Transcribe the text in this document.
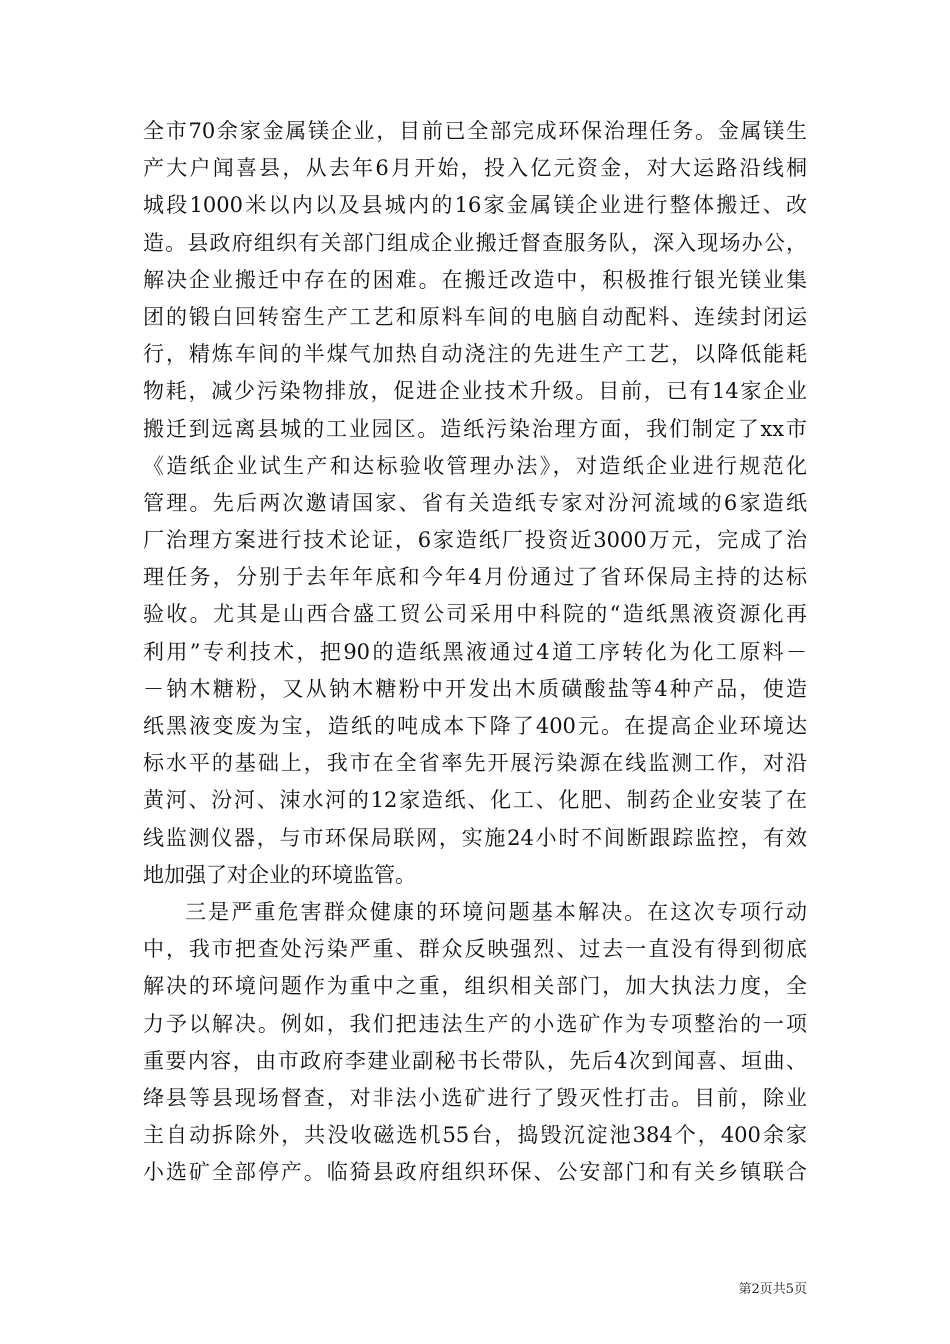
全市70余家金属镁企业，目前已全部完成环保治理任务。金属镁生
产大户闻喜县，从去年6月开始，投入亿元资金，对大运路沿线桐
城段1000米以内以及县城内的16家金属镁企业进行整体搬迁、改
造。县政府组织有关部门组成企业搬迁督查服务队，深入现场办公，
解决企业搬迁中存在的困难。在搬迁改造中，积极推行银光镁业集
团的锻白回转窑生产工艺和原料车间的电脑自动配料、连续封闭运
行，精炼车间的半煤气加热自动浇注的先进生产工艺，以降低能耗
物耗，减少污染物排放，促进企业技术升级。目前，已有14家企业
搬迁到远离县城的工业园区。造纸污染治理方面，我们制定了xx市
《造纸企业试生产和达标验收管理办法》，对造纸企业进行规范化
管理。先后两次邀请国家、省有关造纸专家对汾河流域的6家造纸
厂治理方案进行技术论证，6家造纸厂投资近3000万元，完成了治
理任务，分别于去年年底和今年4月份通过了省环保局主持的达标
验收。尤其是山西合盛工贸公司采用中科院的“造纸黑液资源化再
利用”专利技术，把90的造纸黑液通过4道工序转化为化工原料－
－钠木糖粉，又从钠木糖粉中开发出木质磺酸盐等4种产品，使造
纸黑液变废为宝，造纸的吨成本下降了400元。在提高企业环境达
标水平的基础上，我市在全省率先开展污染源在线监测工作，对沿
黄河、汾河、涑水河的12家造纸、化工、化肥、制药企业安装了在
线监测仪器，与市环保局联网，实施24小时不间断跟踪监控，有效
地加强了对企业的环境监管。
三是严重危害群众健康的环境问题基本解决。在这次专项行动
中，我市把查处污染严重、群众反映强烈、过去一直没有得到彻底
解决的环境问题作为重中之重，组织相关部门，加大执法力度，全
力予以解决。例如，我们把违法生产的小选矿作为专项整治的一项
重要内容，由市政府李建业副秘书长带队，先后4次到闻喜、垣曲、
绛县等县现场督查，对非法小选矿进行了毁灭性打击。目前，除业
主自动拆除外，共没收磁选机55台，捣毁沉淀池384个，400余家
小选矿全部停产。临猗县政府组织环保、公安部门和有关乡镇联合
第2页共5页
